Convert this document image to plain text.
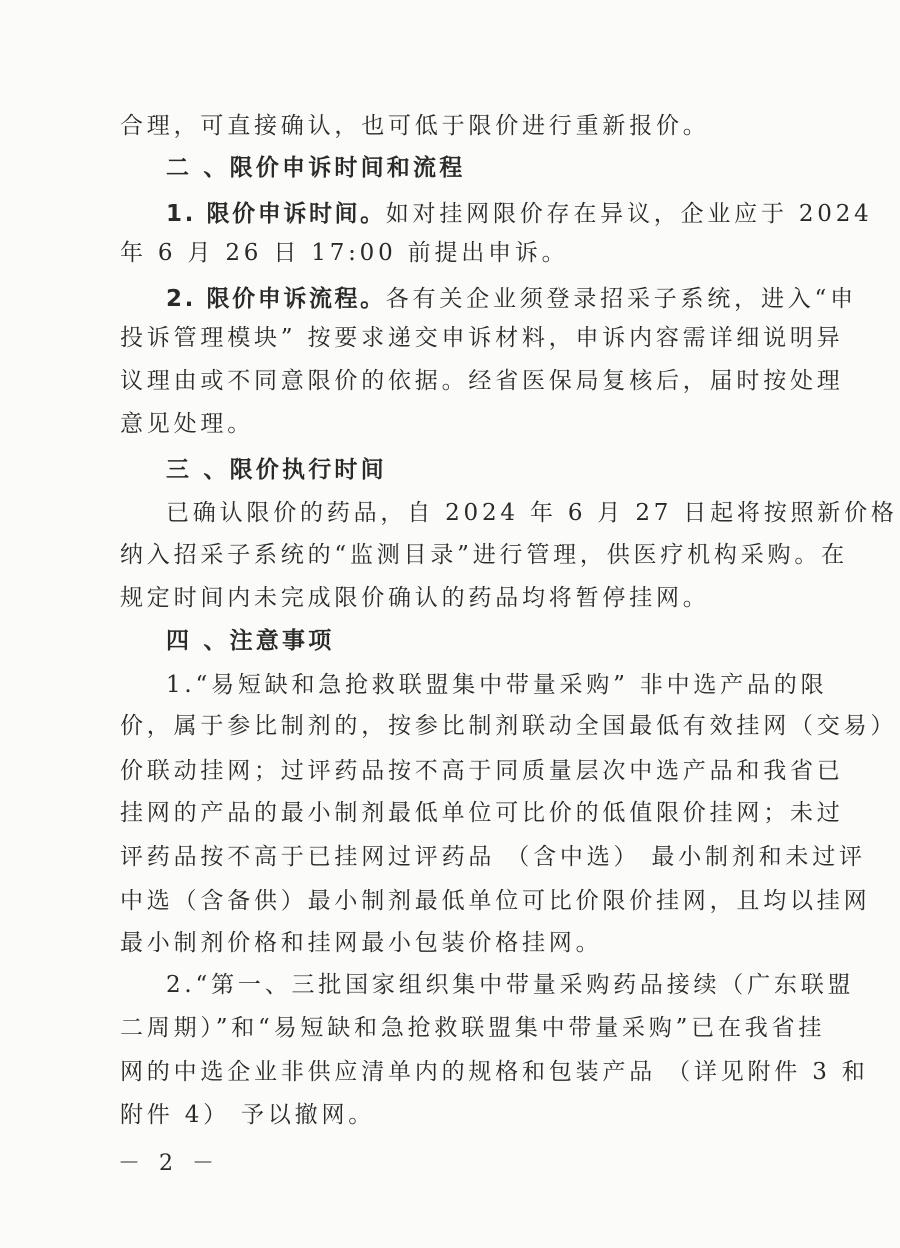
合理，可直接确认，也可低于限价进行重新报价。
二 、限价申诉时间和流程
1. 限价申诉时间。如对挂网限价存在异议，企业应于 2024
年 6 月 26 日 17:00 前提出申诉。
2. 限价申诉流程。各有关企业须登录招采子系统，进入“申
投诉管理模块” 按要求递交申诉材料，申诉内容需详细说明异
议理由或不同意限价的依据。经省医保局复核后，届时按处理
意见处理。
三 、限价执行时间
已确认限价的药品，自 2024 年 6 月 27 日起将按照新价格
纳入招采子系统的“监测目录”进行管理，供医疗机构采购。在
规定时间内未完成限价确认的药品均将暂停挂网。
四 、注意事项
1.“易短缺和急抢救联盟集中带量采购” 非中选产品的限
价，属于参比制剂的，按参比制剂联动全国最低有效挂网（交易）
价联动挂网；过评药品按不高于同质量层次中选产品和我省已
挂网的产品的最小制剂最低单位可比价的低值限价挂网；未过
评药品按不高于已挂网过评药品 （含中选） 最小制剂和未过评
中选（含备供）最小制剂最低单位可比价限价挂网，且均以挂网
最小制剂价格和挂网最小包装价格挂网。
2.“第一、三批国家组织集中带量采购药品接续（广东联盟
二周期）”和“易短缺和急抢救联盟集中带量采购”已在我省挂
网的中选企业非供应清单内的规格和包装产品 （详见附件 3 和
附件 4） 予以撤网。
－ 2 －
